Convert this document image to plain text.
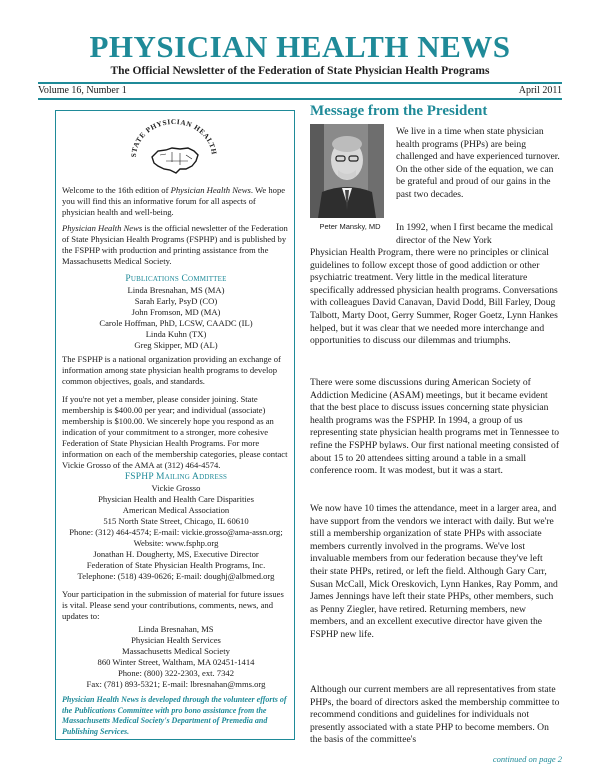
PHYSICIAN HEALTH NEWS
The Official Newsletter of the Federation of State Physician Health Programs
Volume 16, Number 1	April 2011
STATE PHYSICIAN HEALTH

Welcome to the 16th edition of Physician Health News. We hope you will find this an informative forum for all aspects of physician health and well-being.

Physician Health News is the official newsletter of the Federation of State Physician Health Programs (FSPHP) and is published by the FSPHP with production and printing assistance from the Massachusetts Medical Society.

Publications Committee
Linda Bresnahan, MS (MA)
Sarah Early, PsyD (CO)
John Fromson, MD (MA)
Carole Hoffman, PhD, LCSW, CAADC (IL)
Linda Kuhn (TX)
Greg Skipper, MD (AL)

The FSPHP is a national organization providing an exchange of information among state physician health programs to develop common objectives, goals, and standards.

If you're not yet a member, please consider joining. State membership is $400.00 per year; and individual (associate) membership is $100.00. We sincerely hope you respond as an indication of your commitment to a stronger, more cohesive Federation of State Physician Health Programs. For more information on each of the membership categories, please contact Vickie Grosso of the AMA at (312) 464-4574.

FSPHP Mailing Address
Vickie Grosso
Physician Health and Health Care Disparities
American Medical Association
515 North State Street, Chicago, IL 60610
Phone: (312) 464-4574; E-mail: vickie.grosso@ama-assn.org;
Website: www.fsphp.org
Jonathan H. Dougherty, MS, Executive Director
Federation of State Physician Health Programs, Inc.
Telephone: (518) 439-0626; E-mail: doughj@albmed.org

Your participation in the submission of material for future issues is vital. Please send your contributions, comments, news, and updates to:

Linda Bresnahan, MS
Physician Health Services
Massachusetts Medical Society
860 Winter Street, Waltham, MA 02451-1414
Phone: (800) 322-2303, ext. 7342
Fax: (781) 893-5321; E-mail: lbresnahan@mms.org

Physician Health News is developed through the volunteer efforts of the Publications Committee with pro bono assistance from the Massachusetts Medical Society's Department of Premedia and Publishing Services.

Message from the President
Peter Mansky, MD
We live in a time when state physician health programs (PHPs) are being challenged and have experienced turnover. On the other side of the equation, we can be grateful and proud of our gains in the past two decades.
In 1992, when I first became the medical director of the New York
Physician Health Program, there were no principles or clinical guidelines to follow except those of good addiction or other psychiatric treatment. Very little in the medical literature specifically addressed physician health programs. Conversations with colleagues David Canavan, David Dodd, Bill Farley, Doug Talbott, Marty Doot, Gerry Summer, Roger Goetz, Lynn Hankes helped, but it was clear that we needed more interchange and opportunities to discuss our dilemmas and triumphs.
There were some discussions during American Society of Addiction Medicine (ASAM) meetings, but it became evident that the best place to discuss issues concerning state physician health programs was the FSPHP. In 1994, a group of us representing state physician health programs met in Tennessee to refine the FSPHP bylaws. Our first national meeting consisted of about 15 to 20 attendees sitting around a table in a small conference room. It was modest, but it was a start.
We now have 10 times the attendance, meet in a larger area, and have support from the vendors we interact with daily. But we're still a membership organization of state PHPs with associate members currently involved in the programs. We've lost invaluable members from our federation because they've left their state PHPs, retired, or left the field. Although Gary Carr, Susan McCall, Mick Oreskovich, Lynn Hankes, Ray Pomm, and James Jennings have left their state PHPs, other members, such as Penny Ziegler, have retired. Returning members, new members, and an excellent executive director have given the FSPHP new life.
Although our current members are all representatives from state PHPs, the board of directors asked the membership committee to recommend conditions and guidelines for individuals not presently associated with a state PHP to become members. On the basis of the committee's
continued on page 2
